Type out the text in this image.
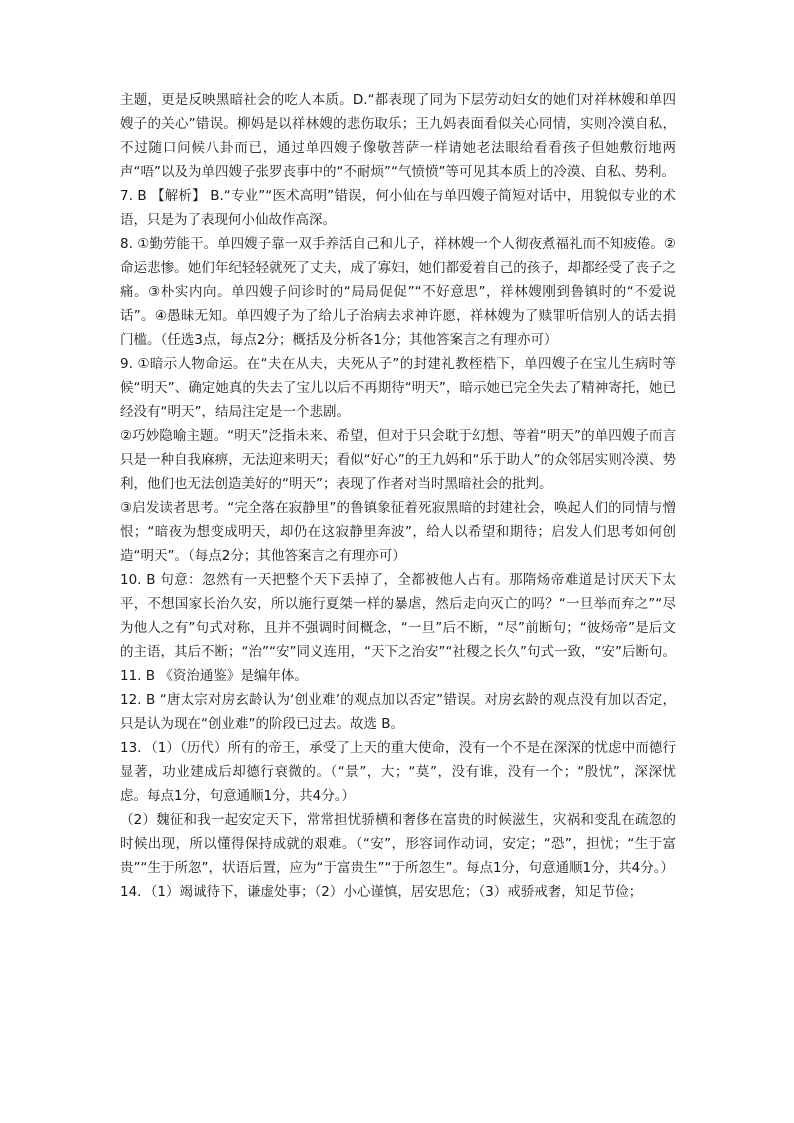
主题，更是反映黑暗社会的吃人本质。D.“都表现了同为下层劳动妇女的她们对祥林嫂和单四嫂子的关心”错误。柳妈是以祥林嫂的悲伤取乐；王九妈表面看似关心同情，实则冷漠自私，不过随口问候八卦而已，通过单四嫂子像敬菩萨一样请她老法眼给看看孩子但她敷衍地两声“唔”以及为单四嫂子张罗丧事中的“不耐烦”“气愤愤”等可见其本质上的冷漠、自私、势利。

7. B 【解析】 B.“专业”“医术高明”错误，何小仙在与单四嫂子简短对话中，用貌似专业的术语，只是为了表现何小仙故作高深。

8. ①勤劳能干。单四嫂子靠一双手养活自己和儿子，祥林嫂一个人彻夜煮福礼而不知疲倦。②命运悲惨。她们年纪轻轻就死了丈夫，成了寡妇，她们都爱着自己的孩子，却都经受了丧子之痛。③朴实内向。单四嫂子问诊时的“局局促促”“不好意思”，祥林嫂刚到鲁镇时的“不爱说话”。④愚昧无知。单四嫂子为了给儿子治病去求神许愿，祥林嫂为了赎罪听信别人的话去捐门槛。（任选3点，每点2分；概括及分析各1分；其他答案言之有理亦可）

9. ①暗示人物命运。在“夫在从夫，夫死从子”的封建礼教桎梏下，单四嫂子在宝儿生病时等候“明天”、确定她真的失去了宝儿以后不再期待“明天”，暗示她已完全失去了精神寄托，她已经没有“明天”，结局注定是一个悲剧。

②巧妙隐喻主题。“明天”泛指未来、希望，但对于只会耽于幻想、等着“明天”的单四嫂子而言只是一种自我麻痹，无法迎来明天；看似“好心”的王九妈和“乐于助人”的众邻居实则冷漠、势利，他们也无法创造美好的“明天”；表现了作者对当时黑暗社会的批判。

③启发读者思考。“完全落在寂静里”的鲁镇象征着死寂黑暗的封建社会，唤起人们的同情与憎恨；“暗夜为想变成明天，却仍在这寂静里奔波”，给人以希望和期待；启发人们思考如何创造“明天”。（每点2分；其他答案言之有理亦可）

10. B 句意：忽然有一天把整个天下丢掉了，全都被他人占有。那隋炀帝难道是讨厌天下太平，不想国家长治久安，所以施行夏桀一样的暴虐，然后走向灭亡的吗？“一旦举而弃之”“尽为他人之有”句式对称，且并不强调时间概念，“一旦”后不断，“尽”前断句；“彼炀帝”是后文的主语，其后不断；“治”“安”同义连用，“天下之治安”“社稷之长久”句式一致，“安”后断句。

11. B 《资治通鉴》是编年体。

12. B “唐太宗对房玄龄认为‘创业难’的观点加以否定”错误。对房玄龄的观点没有加以否定，只是认为现在“创业难”的阶段已过去。故选 B。

13．（1）（历代）所有的帝王，承受了上天的重大使命，没有一个不是在深深的忧虑中而德行显著，功业建成后却德行衰微的。（“景”，大；“莫”，没有谁，没有一个；“殷忧”，深深忧虑。每点1分，句意通顺1分，共4分。）

（2）魏征和我一起安定天下，常常担忧骄横和奢侈在富贵的时候滋生，灾祸和变乱在疏忽的时候出现，所以懂得保持成就的艰难。（“安”，形容词作动词，安定；“恐”，担忧；“生于富贵”“生于所忽”，状语后置，应为“于富贵生”“于所忽生”。每点1分，句意通顺1分，共4分。）

14．（1）竭诚待下，谦虚处事；（2）小心谨慎，居安思危；（3）戒骄戒奢，知足节俭；
